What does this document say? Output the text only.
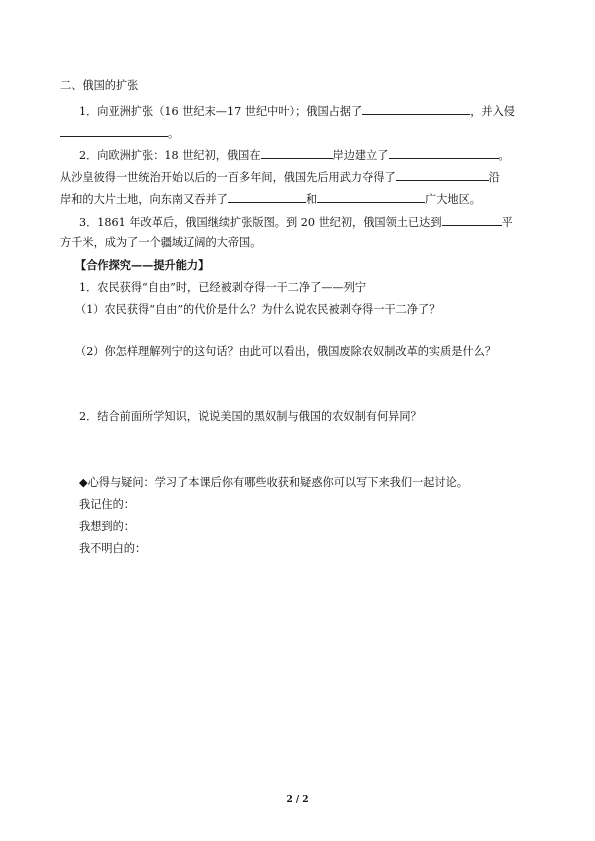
二、俄国的扩张
1．向亚洲扩张（16 世纪末—17 世纪中叶）；俄国占据了	，并入侵
。
2．向欧洲扩张：18 世纪初，俄国在	岸边建立了	。
从沙皇彼得一世统治开始以后的一百多年间，俄国先后用武力夺得了	沿
岸和的大片土地，向东南又吞并了	和	广大地区。
3．1861 年改革后，俄国继续扩张版图。到 20 世纪初，俄国领土已达到	平
方千米，成为了一个疆域辽阔的大帝国。
【合作探究——提升能力】
1．农民获得“自由”时，已经被剥夺得一干二净了——列宁
（1）农民获得“自由”的代价是什么？为什么说农民被剥夺得一干二净了？
（2）你怎样理解列宁的这句话？由此可以看出，俄国废除农奴制改革的实质是什么？
2．结合前面所学知识，说说美国的黑奴制与俄国的农奴制有何异同？
◆心得与疑问：学习了本课后你有哪些收获和疑惑你可以写下来我们一起讨论。
我记住的：
我想到的：
我不明白的：
2 / 2
